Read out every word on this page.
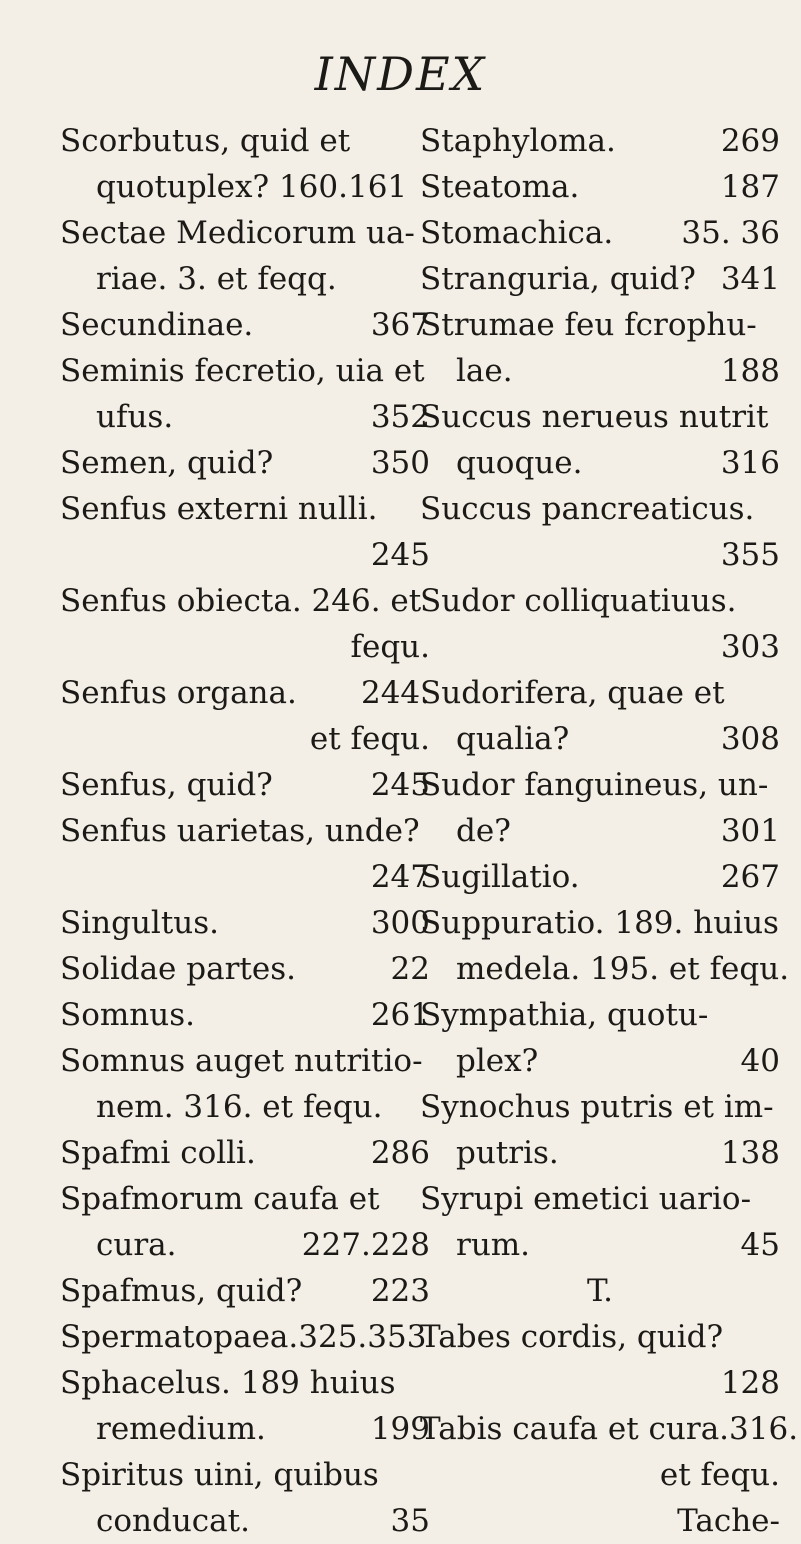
INDEX
Scorbutus, quid et
quotuplex? 160.161
Sectae Medicorum ua-
riae. 3. et feqq.
Secundinae.	367
Seminis fecretio, uia et
ufus.	352
Semen, quid?	350
Senfus externi nulli.
245
Senfus obiecta. 246. et
fequ.
Senfus organa. 244.
et fequ.
Senfus, quid?	245
Senfus uarietas, unde?
247
Singultus.	300
Solidae partes.	22
Somnus.	261
Somnus auget nutritio-
nem. 316. et fequ.
Spafmi colli.	286
Spafmorum caufa et
cura.	227.228
Spafmus, quid? 223
Spermatopaea.325.353
Sphacelus. 189 huius
remedium.	199
Spiritus uini, quibus
conducat.	35
Staphyloma.	269
Steatoma.	187
Stomachica. 35. 36
Stranguria, quid? 341
Strumae feu fcrophu-
lae.	188
Succus nerueus nutrit
quoque.	316
Succus pancreaticus.
355
Sudor colliquatiuus.
303
Sudorifera, quae et
qualia?	308
Sudor fanguineus, un-
de?	301
Sugillatio.	267
Suppuratio. 189. huius
medela. 195. et fequ.
Sympathia, quotu-
plex?	40
Synochus putris et im-
putris.	138
Syrupi emetici uario-
rum.	45
T.
Tabes cordis, quid?
128
Tabis caufa et cura.316.
et fequ.
Tache-
